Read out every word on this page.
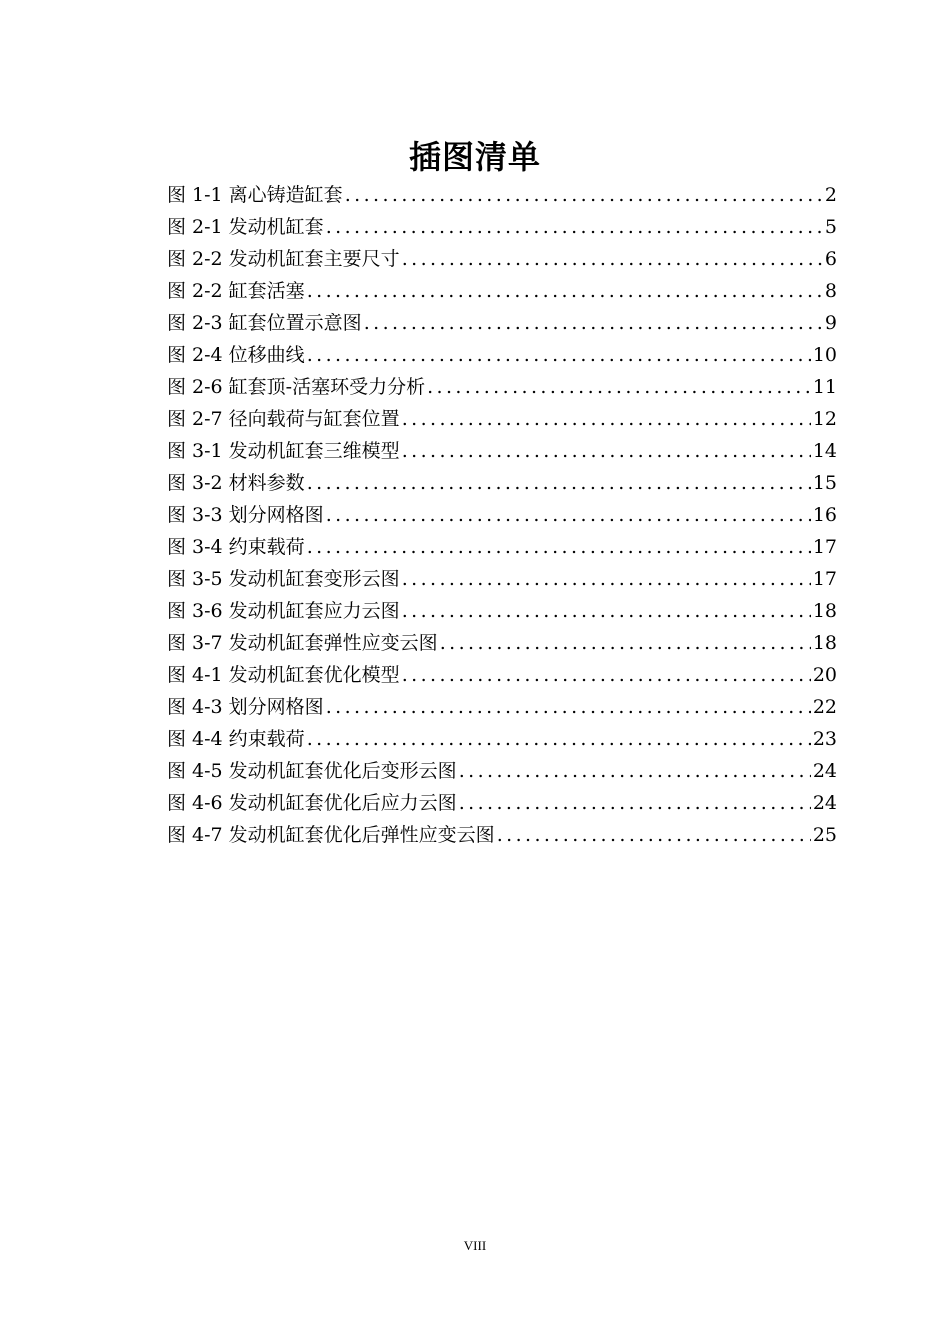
插图清单
图 1-1 离心铸造缸套 .....	2
图 2-1 发动机缸套 .....	5
图 2-2 发动机缸套主要尺寸 .....	6
图 2-2 缸套活塞 .....	8
图 2-3 缸套位置示意图 .....	9
图 2-4 位移曲线 .....	10
图 2-6 缸套顶-活塞环受力分析 .....	11
图 2-7 径向载荷与缸套位置 .....	12
图 3-1 发动机缸套三维模型 .....	14
图 3-2 材料参数 .....	15
图 3-3 划分网格图 .....	16
图 3-4 约束载荷 .....	17
图 3-5 发动机缸套变形云图 .....	17
图 3-6 发动机缸套应力云图 .....	18
图 3-7 发动机缸套弹性应变云图 .....	18
图 4-1 发动机缸套优化模型 .....	20
图 4-3 划分网格图 .....	22
图 4-4 约束载荷 .....	23
图 4-5 发动机缸套优化后变形云图 .....	24
图 4-6 发动机缸套优化后应力云图 .....	24
图 4-7 发动机缸套优化后弹性应变云图 .....	25
VIII
